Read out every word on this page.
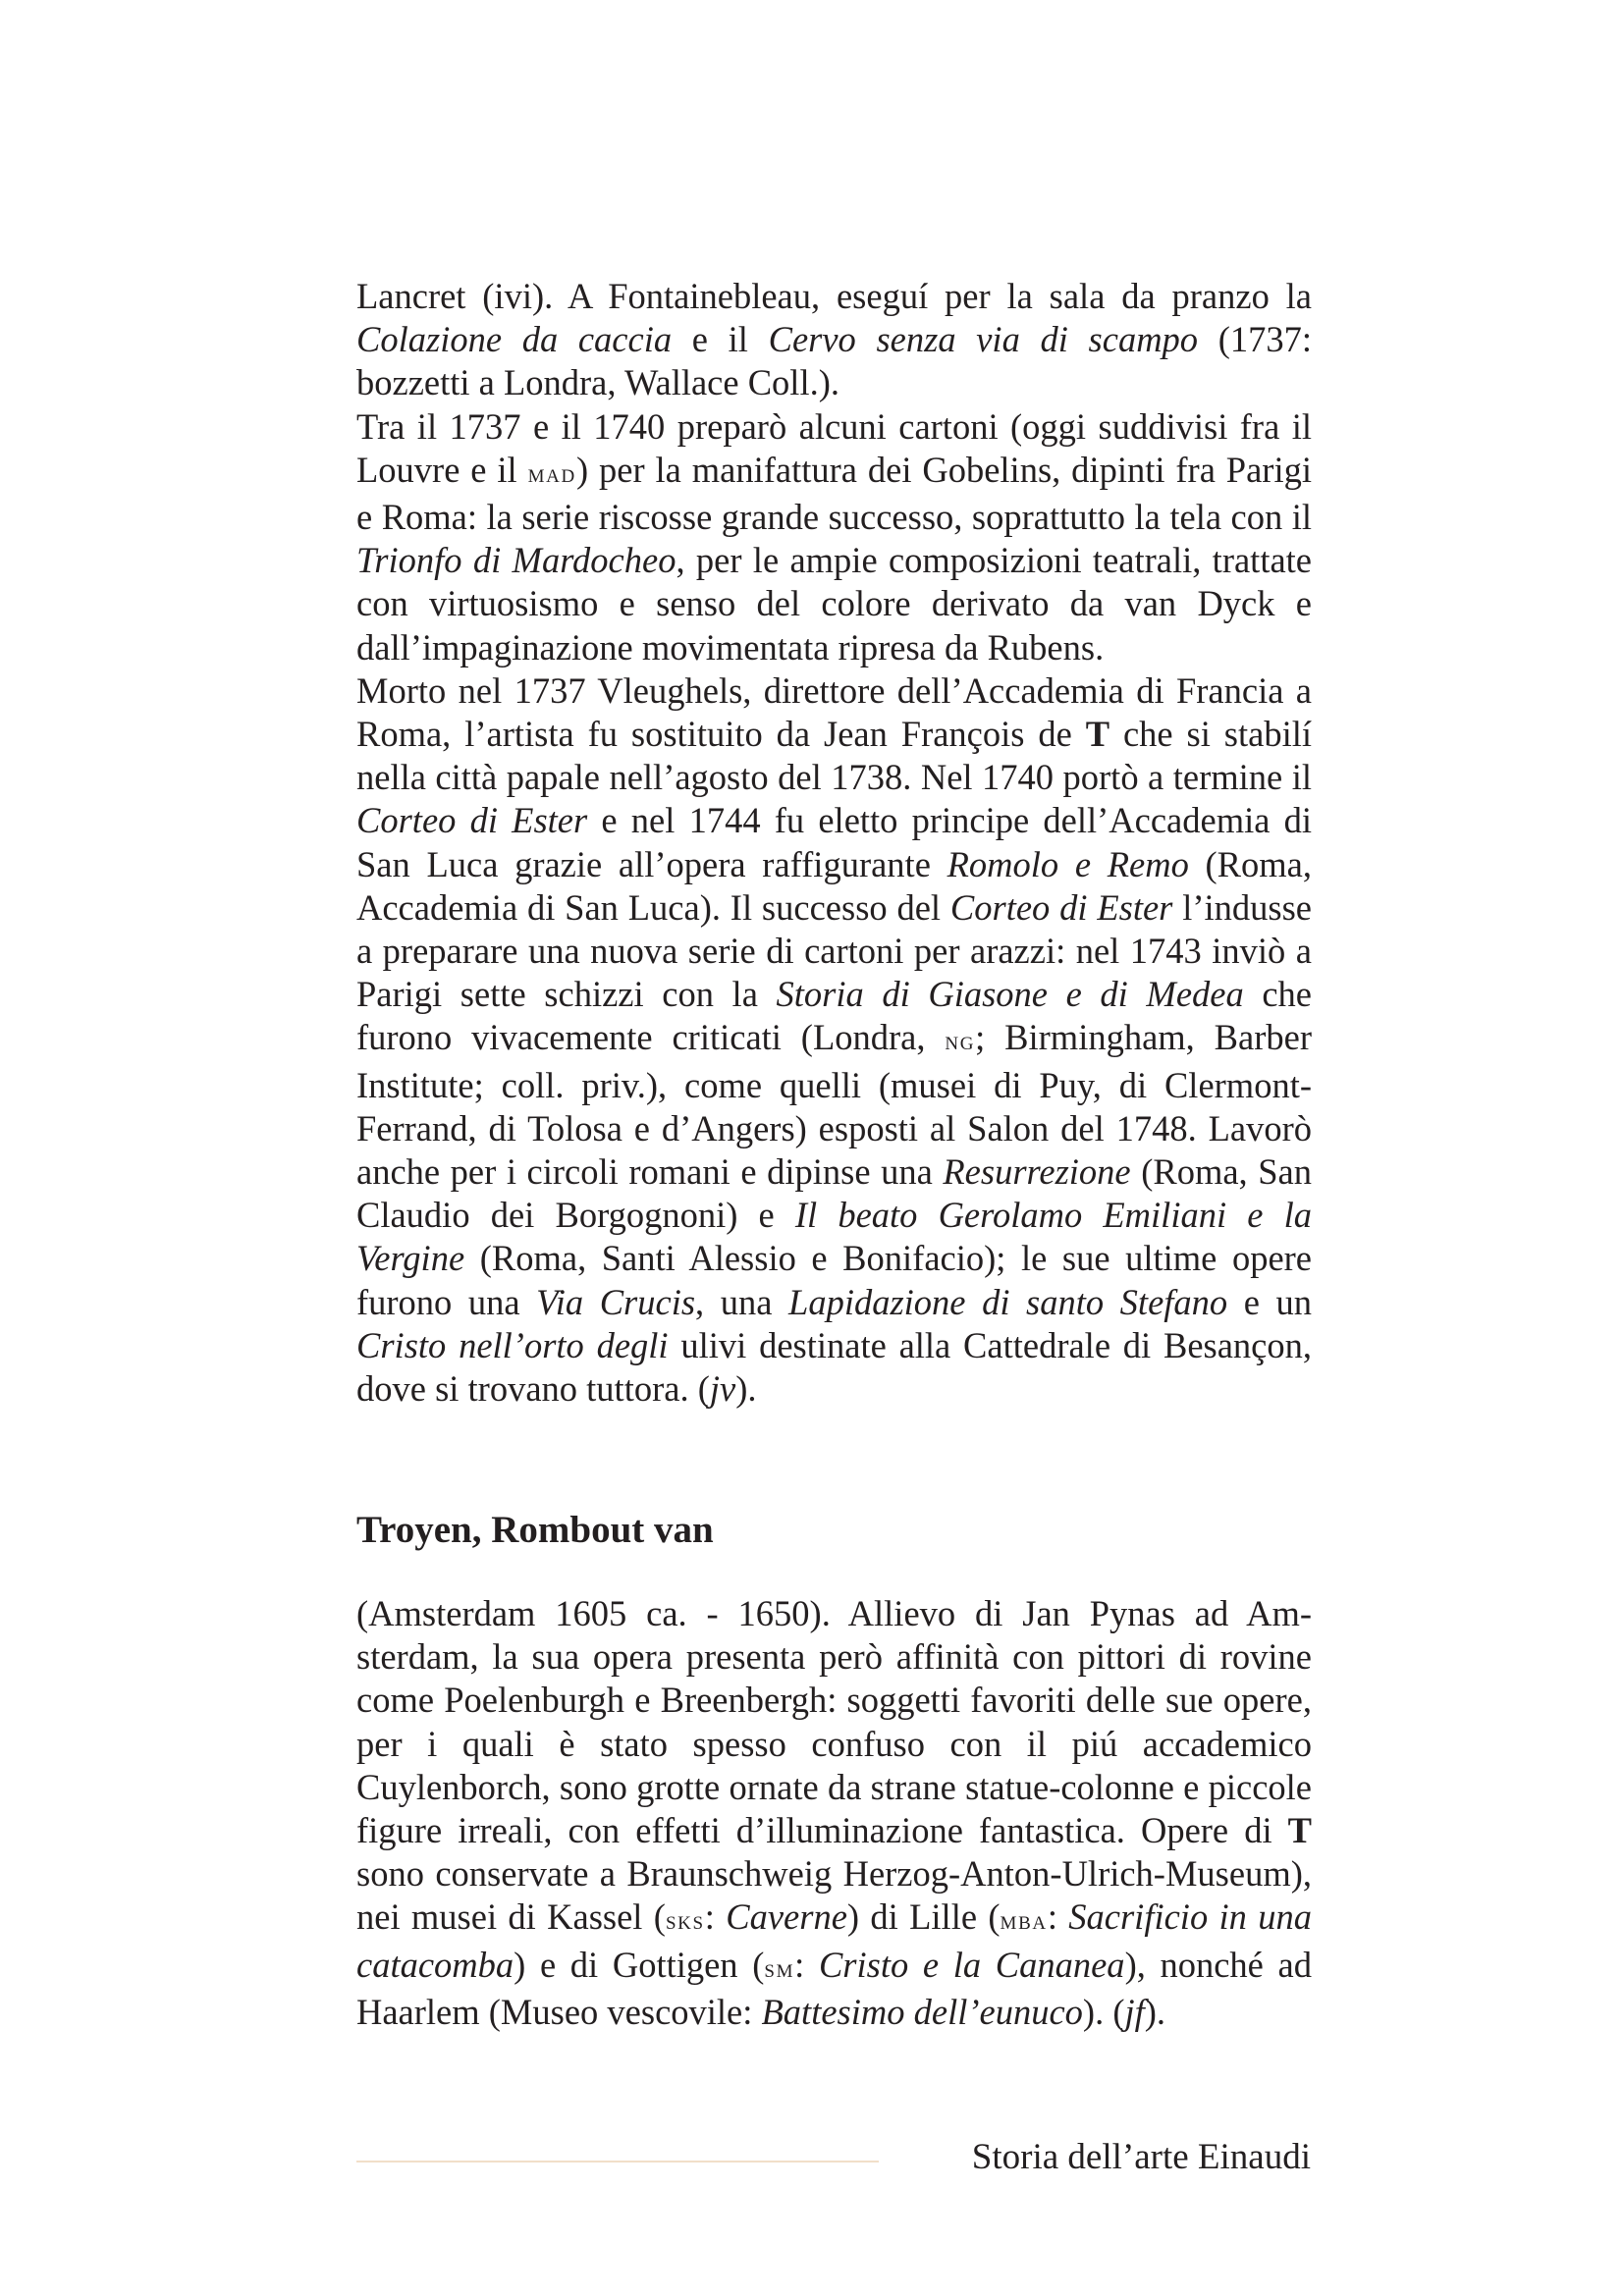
Lancret (ivi). A Fontainebleau, eseguí per la sala da pranzo la Colazione da caccia e il Cervo senza via di scampo (1737: bozzetti a Londra, Wallace Coll.).

Tra il 1737 e il 1740 preparò alcuni cartoni (oggi suddivisi fra il Louvre e il mad) per la manifattura dei Gobelins, dipinti fra Parigi e Roma: la serie riscosse grande successo, soprattutto la tela con il Trionfo di Mardocheo, per le ampie composizioni teatrali, trattate con virtuosismo e senso del colore derivato da van Dyck e dall’impaginazione movimentata ripresa da Rubens.

Morto nel 1737 Vleughels, direttore dell’Accademia di Francia a Roma, l’artista fu sostituito da Jean François de T che si stabilí nella città papale nell’agosto del 1738. Nel 1740 portò a termine il Corteo di Ester e nel 1744 fu eletto principe dell’Accademia di San Luca grazie all’opera raffigurante Romolo e Remo (Roma, Accademia di San Luca). Il successo del Corteo di Ester l’indusse a preparare una nuova serie di cartoni per arazzi: nel 1743 inviò a Parigi sette schizzi con la Storia di Giasone e di Medea che furono vivacemente criticati (Londra, ng; Birmingham, Barber Institute; coll. priv.), come quelli (musei di Puy, di Clermont-Ferrand, di Tolosa e d’Angers) esposti al Salon del 1748. Lavorò anche per i circoli romani e dipinse una Resurrezione (Roma, San Claudio dei Borgognoni) e Il beato Gerolamo Emiliani e la Vergine (Roma, Santi Alessio e Bonifacio); le sue ultime opere furono una Via Crucis, una Lapidazione di santo Stefano e un Cristo nell’orto degli ulivi destinate alla Cattedrale di Besançon, dove si trovano tuttora. (jv).

Troyen, Rombout van

(Amsterdam 1605 ca. - 1650). Allievo di Jan Pynas ad Amsterdam, la sua opera presenta però affinità con pittori di rovine come Poelenburgh e Breenbergh: soggetti favoriti delle sue opere, per i quali è stato spesso confuso con il piú accademico Cuylenborch, sono grotte ornate da strane statue-colonne e piccole figure irreali, con effetti d’illuminazione fantastica. Opere di T sono conservate a Braunschweig Herzog-Anton-Ulrich-Museum), nei musei di Kassel (sks: Caverne) di Lille (mba: Sacrificio in una catacomba) e di Gottigen (sm: Cristo e la Cananea), nonché ad Haarlem (Museo vescovile: Battesimo dell’eunuco). (jf).

Storia dell’arte Einaudi
